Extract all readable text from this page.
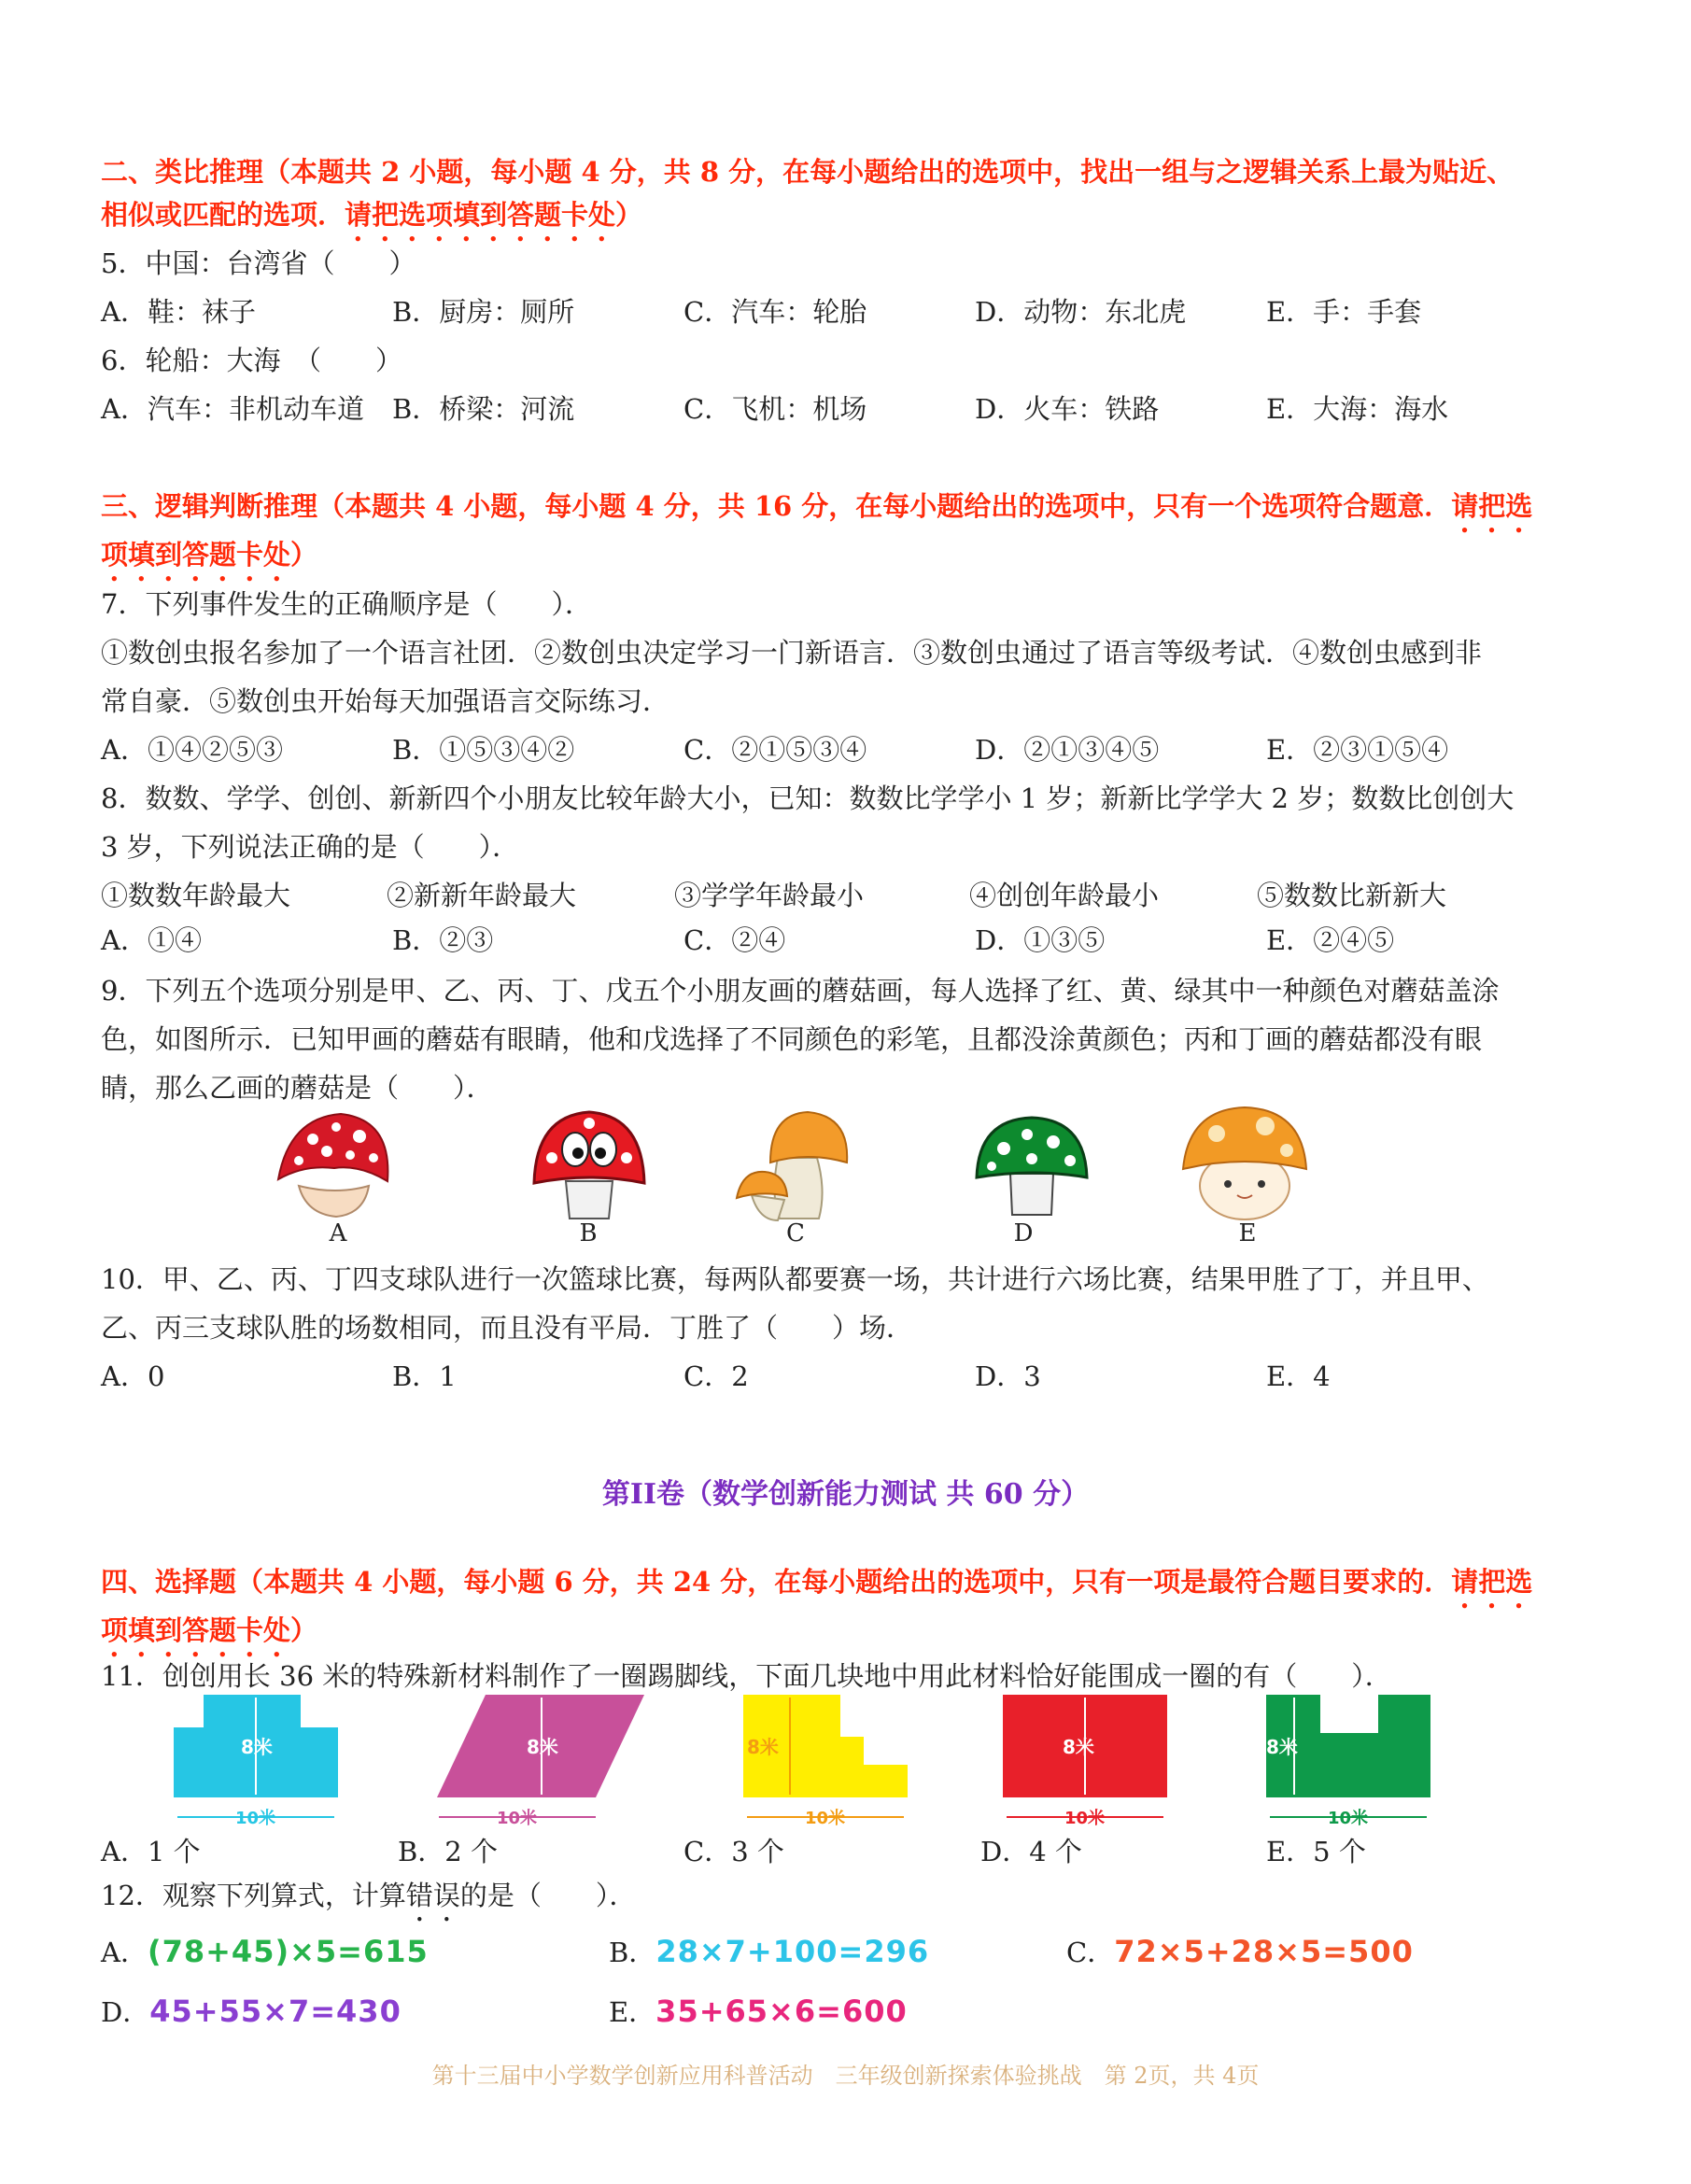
二、类比推理（本题共 2 小题，每小题 4 分，共 8 分，在每小题给出的选项中，找出一组与之逻辑关系上最为贴近、
相似或匹配的选项．请把选项填到答题卡处）
5．中国：台湾省（　　）
A．鞋：袜子	B．厨房：厕所	C．汽车：轮胎	D．动物：东北虎	E．手：手套
6．轮船：大海　（　　）
A．汽车：非机动车道 B．桥梁：河流	C．飞机：机场	D．火车：铁路	E．大海：海水
三、逻辑判断推理（本题共 4 小题，每小题 4 分，共 16 分，在每小题给出的选项中，只有一个选项符合题意．请把选
项填到答题卡处）
7．下列事件发生的正确顺序是（　　）．
①数创虫报名参加了一个语言社团．②数创虫决定学习一门新语言．③数创虫通过了语言等级考试．④数创虫感到非
常自豪．⑤数创虫开始每天加强语言交际练习．
A．①④②⑤③	B．①⑤③④②	C．②①⑤③④	D．②①③④⑤	E．②③①⑤④
8．数数、学学、创创、新新四个小朋友比较年龄大小，已知：数数比学学小 1 岁；新新比学学大 2 岁；数数比创创大
3 岁，下列说法正确的是（　　）．
①数数年龄最大	②新新年龄最大	③学学年龄最小	④创创年龄最小	⑤数数比新新大
A．①④	B．②③	C．②④	D．①③⑤	E．②④⑤
9．下列五个选项分别是甲、乙、丙、丁、戊五个小朋友画的蘑菇画，每人选择了红、黄、绿其中一种颜色对蘑菇盖涂
色，如图所示．已知甲画的蘑菇有眼睛，他和戊选择了不同颜色的彩笔，且都没涂黄颜色；丙和丁画的蘑菇都没有眼
睛，那么乙画的蘑菇是（　　）．
A	B	C	D	E
10．甲、乙、丙、丁四支球队进行一次篮球比赛，每两队都要赛一场，共计进行六场比赛，结果甲胜了丁，并且甲、
乙、丙三支球队胜的场数相同，而且没有平局．丁胜了（　　）场．
A．0	B．1	C．2	D．3	E．4
第II卷（数学创新能力测试 共 60 分）
四、选择题（本题共 4 小题，每小题 6 分，共 24 分，在每小题给出的选项中，只有一项是最符合题目要求的．请把选
项填到答题卡处）
11．创创用长 36 米的特殊新材料制作了一圈踢脚线，下面几块地中用此材料恰好能围成一圈的有（　　）．
8米
10米
8米
10米
8米
10米
8米
10米
8米
10米
A．1 个	B．2 个	C．3 个	D．4 个	E．5 个
12．观察下列算式，计算错误的是（　　）．
A．(78+45)×5=615	B．28×7+100=296	C．72×5+28×5=500
D．45+55×7=430	E．35+65×6=600
第十三届中小学数学创新应用科普活动　三年级创新探索体验挑战　第 2页，共 4页
